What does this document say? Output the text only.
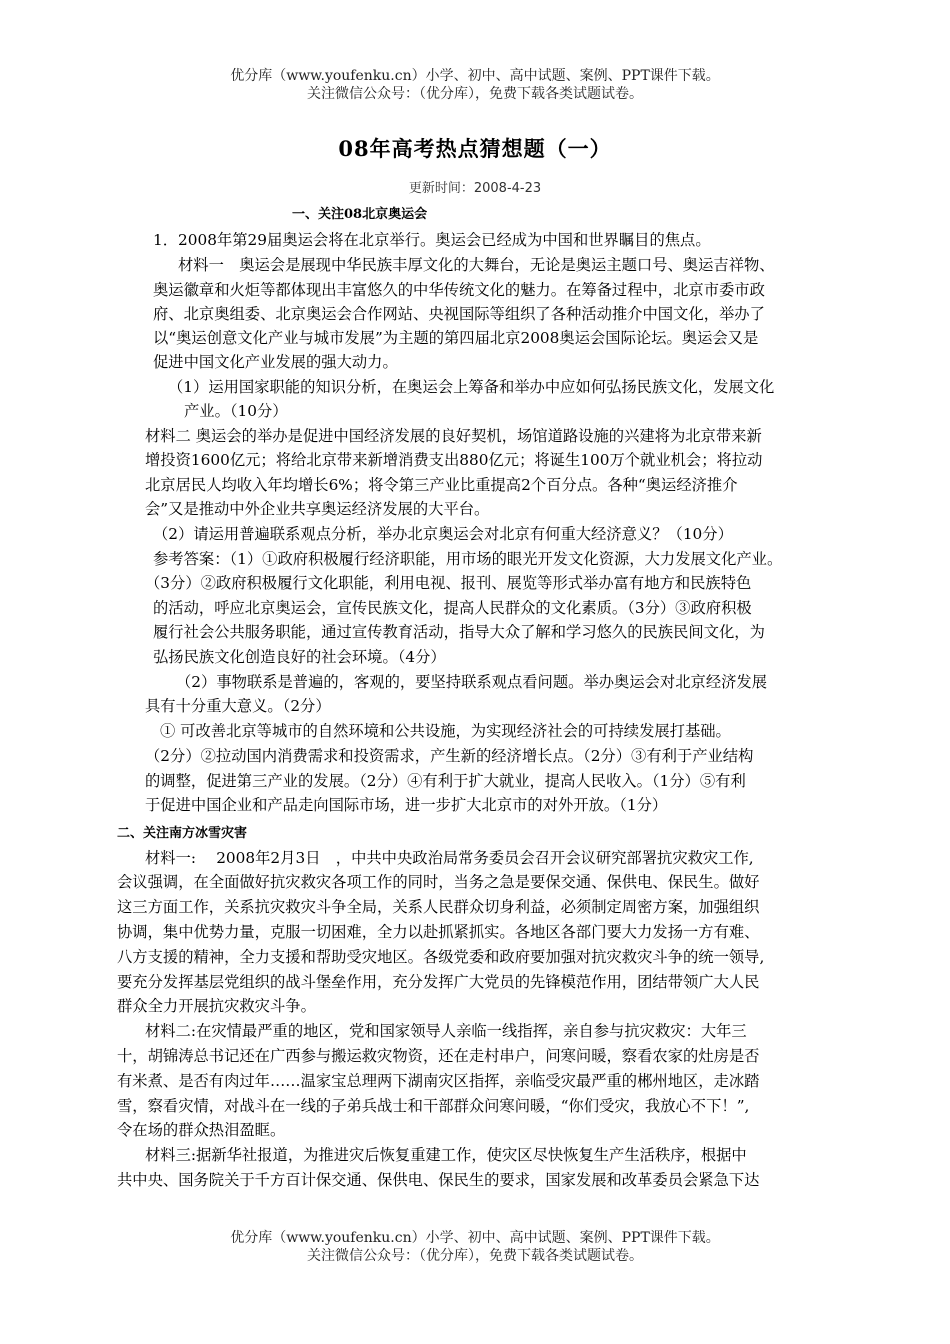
优分库（www.youfenku.cn）小学、初中、高中试题、案例、PPT课件下载。
关注微信公众号：（优分库），免费下载各类试题试卷。
08年高考热点猜想题（一）
更新时间：2008-4-23
一、关注08北京奥运会
1．2008年第29届奥运会将在北京举行。奥运会已经成为中国和世界瞩目的焦点。
材料一　奥运会是展现中华民族丰厚文化的大舞台，无论是奥运主题口号、奥运吉祥物、
奥运徽章和火炬等都体现出丰富悠久的中华传统文化的魅力。在筹备过程中，北京市委市政
府、北京奥组委、北京奥运会合作网站、央视国际等组织了各种活动推介中国文化，举办了
以“奥运创意文化产业与城市发展”为主题的第四届北京2008奥运会国际论坛。奥运会又是
促进中国文化产业发展的强大动力。
（1）运用国家职能的知识分析，在奥运会上筹备和举办中应如何弘扬民族文化，发展文化
产业。（10分）
材料二 奥运会的举办是促进中国经济发展的良好契机，场馆道路设施的兴建将为北京带来新
增投资1600亿元；将给北京带来新增消费支出880亿元；将诞生100万个就业机会；将拉动
北京居民人均收入年均增长6%；将令第三产业比重提高2个百分点。各种“奥运经济推介
会”又是推动中外企业共享奥运经济发展的大平台。
（2）请运用普遍联系观点分析，举办北京奥运会对北京有何重大经济意义？（10分）
参考答案：（1）①政府积极履行经济职能，用市场的眼光开发文化资源，大力发展文化产业。
（3分）②政府积极履行文化职能，利用电视、报刊、展览等形式举办富有地方和民族特色
的活动，呼应北京奥运会，宣传民族文化，提高人民群众的文化素质。（3分）③政府积极
履行社会公共服务职能，通过宣传教育活动，指导大众了解和学习悠久的民族民间文化，为
弘扬民族文化创造良好的社会环境。（4分）
（2）事物联系是普遍的，客观的，要坚持联系观点看问题。举办奥运会对北京经济发展
具有十分重大意义。（2分）
① 可改善北京等城市的自然环境和公共设施，为实现经济社会的可持续发展打基础。
（2分）②拉动国内消费需求和投资需求，产生新的经济增长点。（2分）③有利于产业结构
的调整，促进第三产业的发展。（2分）④有利于扩大就业，提高人民收入。（1分）⑤有利
于促进中国企业和产品走向国际市场，进一步扩大北京市的对外开放。（1分）
二、关注南方冰雪灾害
材料一:　 2008年2月3日　，中共中央政治局常务委员会召开会议研究部署抗灾救灾工作,
会议强调，在全面做好抗灾救灾各项工作的同时，当务之急是要保交通、保供电、保民生。做好
这三方面工作，关系抗灾救灾斗争全局，关系人民群众切身利益，必须制定周密方案，加强组织
协调，集中优势力量，克服一切困难，全力以赴抓紧抓实。各地区各部门要大力发扬一方有难、
八方支援的精神，全力支援和帮助受灾地区。各级党委和政府要加强对抗灾救灾斗争的统一领导,
要充分发挥基层党组织的战斗堡垒作用，充分发挥广大党员的先锋模范作用，团结带领广大人民
群众全力开展抗灾救灾斗争。
材料二:在灾情最严重的地区，党和国家领导人亲临一线指挥，亲自参与抗灾救灾：大年三
十，胡锦涛总书记还在广西参与搬运救灾物资，还在走村串户，问寒问暖，察看农家的灶房是否
有米煮、是否有肉过年……温家宝总理两下湖南灾区指挥，亲临受灾最严重的郴州地区，走冰踏
雪，察看灾情，对战斗在一线的子弟兵战士和干部群众问寒问暖，“你们受灾，我放心不下！”,
令在场的群众热泪盈眶。
材料三:据新华社报道，为推进灾后恢复重建工作，使灾区尽快恢复生产生活秩序，根据中
共中央、国务院关于千方百计保交通、保供电、保民生的要求，国家发展和改革委员会紧急下达
优分库（www.youfenku.cn）小学、初中、高中试题、案例、PPT课件下载。
关注微信公众号：（优分库），免费下载各类试题试卷。
